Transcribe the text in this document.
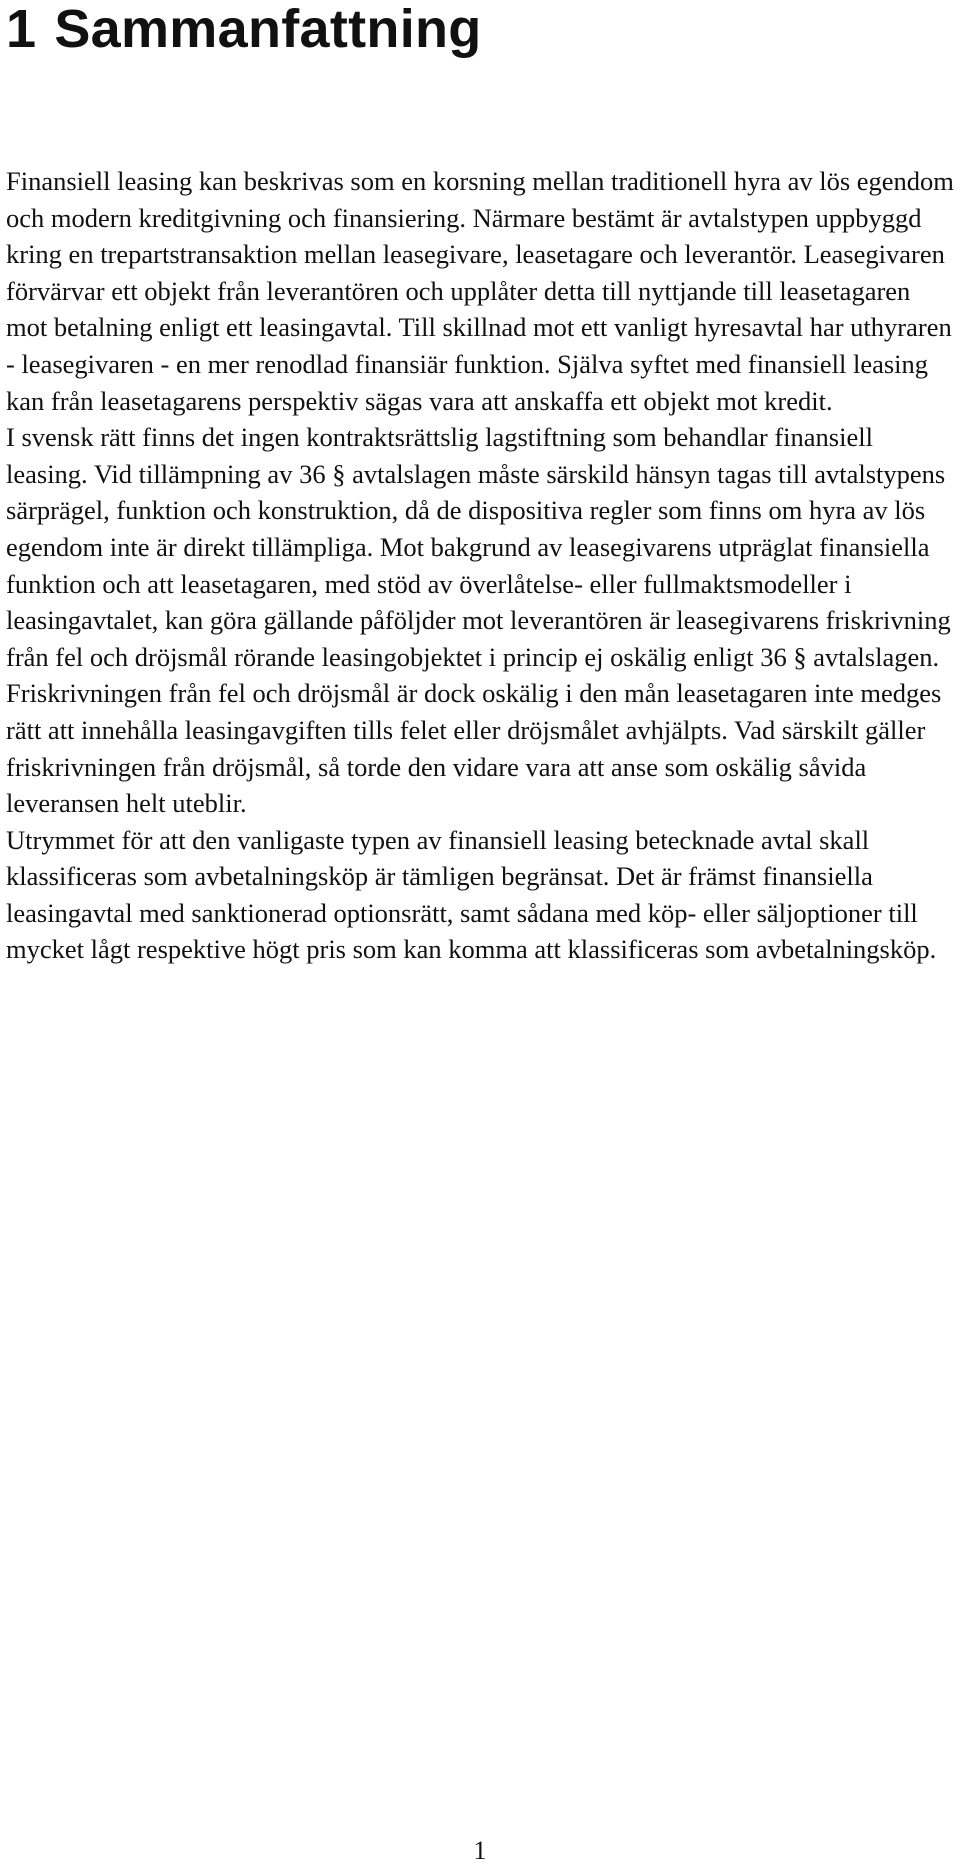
1 Sammanfattning

Finansiell leasing kan beskrivas som en korsning mellan traditionell hyra av lös egendom och modern kreditgivning och finansiering. Närmare bestämt är avtalstypen uppbyggd kring en trepartstransaktion mellan leasegivare, leasetagare och leverantör. Leasegivaren förvärvar ett objekt från leverantören och upplåter detta till nyttjande till leasetagaren mot betalning enligt ett leasingavtal. Till skillnad mot ett vanligt hyresavtal har uthyraren - leasegivaren - en mer renodlad finansiär funktion. Själva syftet med finansiell leasing kan från leasetagarens perspektiv sägas vara att anskaffa ett objekt mot kredit.

I svensk rätt finns det ingen kontraktsrättslig lagstiftning som behandlar finansiell leasing. Vid tillämpning av 36 § avtalslagen måste särskild hänsyn tagas till avtalstypens särprägel, funktion och konstruktion, då de dispositiva regler som finns om hyra av lös egendom inte är direkt tillämpliga. Mot bakgrund av leasegivarens utpräglat finansiella funktion och att leasetagaren, med stöd av överlåtelse- eller fullmaktsmodeller i leasingavtalet, kan göra gällande påföljder mot leverantören är leasegivarens friskrivning från fel och dröjsmål rörande leasingobjektet i princip ej oskälig enligt 36 § avtalslagen. Friskrivningen från fel och dröjsmål är dock oskälig i den mån leasetagaren inte medges rätt att innehålla leasingavgiften tills felet eller dröjsmålet avhjälpts. Vad särskilt gäller friskrivningen från dröjsmål, så torde den vidare vara att anse som oskälig såvida leveransen helt uteblir.

Utrymmet för att den vanligaste typen av finansiell leasing betecknade avtal skall klassificeras som avbetalningsköp är tämligen begränsat. Det är främst finansiella leasingavtal med sanktionerad optionsrätt, samt sådana med köp- eller säljoptioner till mycket lågt respektive högt pris som kan komma att klassificeras som avbetalningsköp.

1
